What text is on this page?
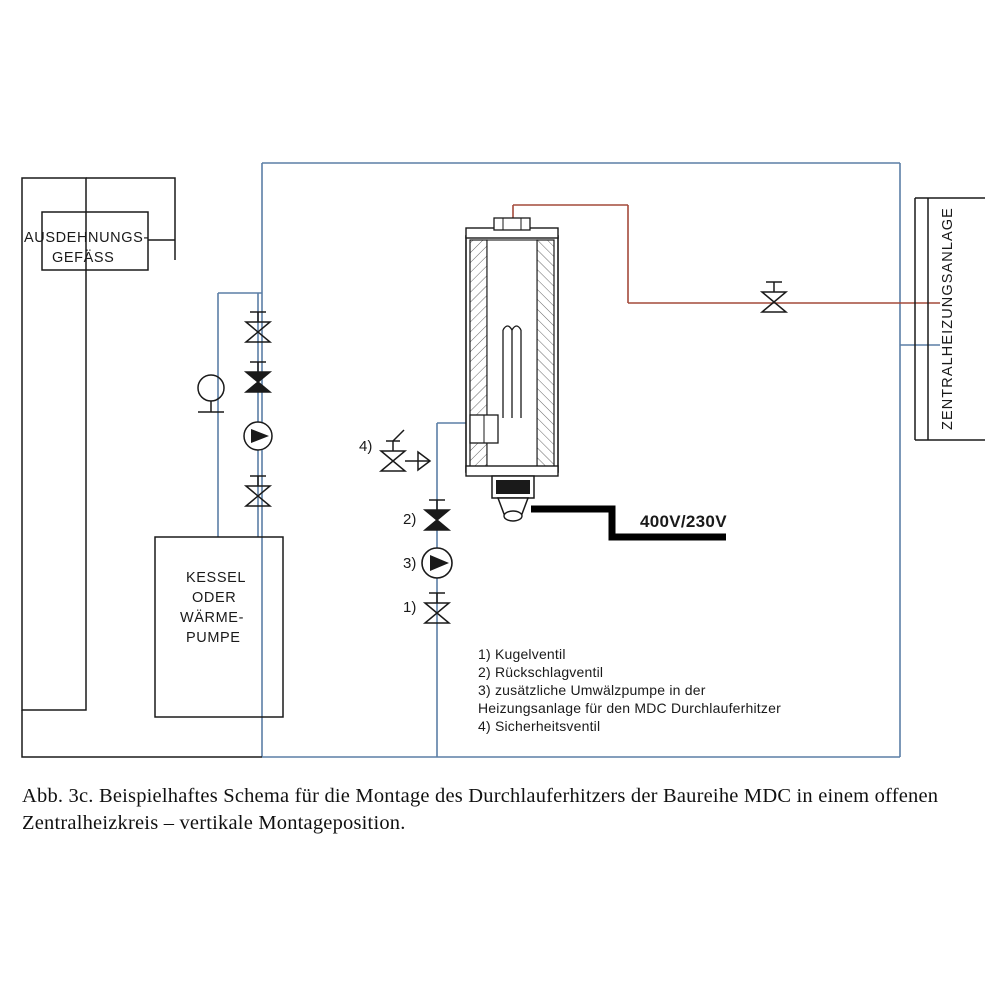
AUSDEHNUNGS-
GEFÄSS
KESSEL
ODER
WÄRME-
PUMPE
ZENTRALHEIZUNGSANLAGE
400V/230V
4)
2)
3)
1)
1) Kugelventil
2) Rückschlagventil
3) zusätzliche Umwälzpumpe in der
Heizungsanlage für den MDC Durchlauferhitzer
4) Sicherheitsventil
Abb. 3c. Beispielhaftes Schema für die Montage des Durchlauferhitzers der Baureihe MDC in einem offenen Zentralheizkreis – vertikale Montageposition.
